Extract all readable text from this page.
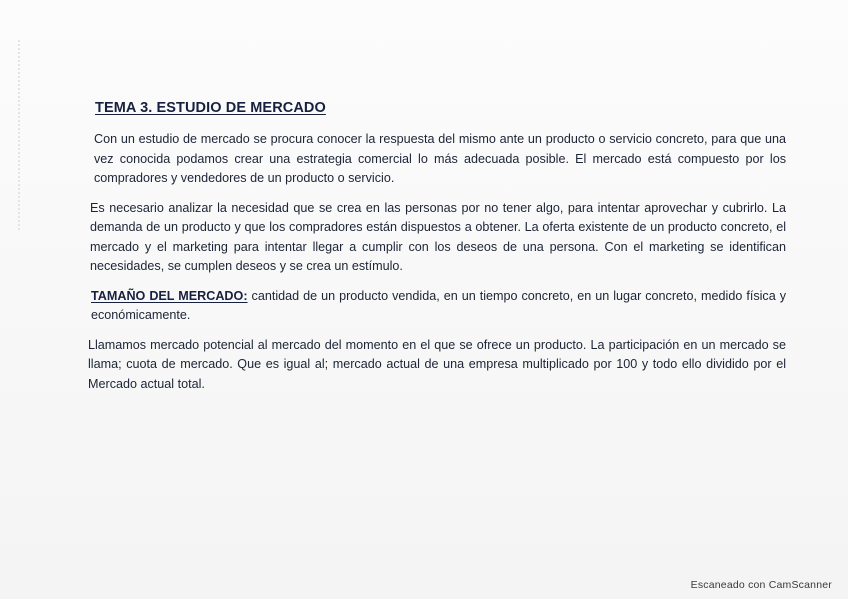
TEMA 3. ESTUDIO DE MERCADO

Con un estudio de mercado se procura conocer la respuesta del mismo ante un producto o servicio concreto, para que una vez conocida podamos crear una estrategia comercial lo más adecuada posible. El mercado está compuesto por los compradores y vendedores de un producto o servicio.

Es necesario analizar la necesidad que se crea en las personas por no tener algo, para intentar aprovechar y cubrirlo. La demanda de un producto y que los compradores están dispuestos a obtener. La oferta existente de un producto concreto, el mercado y el marketing para intentar llegar a cumplir con los deseos de una persona. Con el marketing se identifican necesidades, se cumplen deseos y se crea un estímulo.

TAMAÑO DEL MERCADO: cantidad de un producto vendida, en un tiempo concreto, en un lugar concreto, medido física y económicamente.

Llamamos mercado potencial al mercado del momento en el que se ofrece un producto. La participación en un mercado se llama; cuota de mercado. Que es igual al; mercado actual de una empresa multiplicado por 100 y todo ello dividido por el Mercado actual total.

Escaneado con CamScanner
